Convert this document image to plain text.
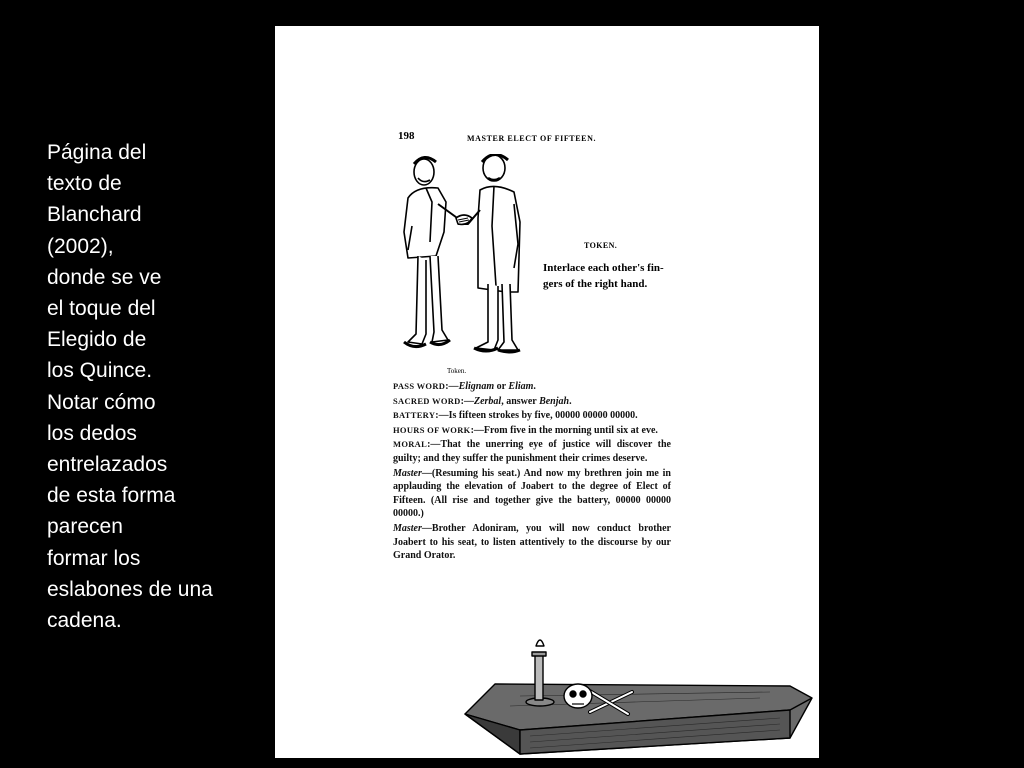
Página del
texto de
Blanchard
(2002),
donde se ve
el toque del
Elegido de
los Quince.
Notar cómo
los dedos
entrelazados
de esta forma
parecen
formar los
eslabones de una
cadena.
198	MASTER ELECT OF FIFTEEN.
Token.
TOKEN.
Interlace each other's fin-
gers of the right hand.

PASS WORD:—Elignam or Eliam.

SACRED WORD:—Zerbal, answer Benjah.

BATTERY:—Is fifteen strokes by five, 00000 00000 00000.

HOURS OF WORK:—From five in the morning until six at eve.

MORAL:—That the unerring eye of justice will discover the guilty; and they suffer the punishment their crimes deserve.

Master—(Resuming his seat.) And now my brethren join me in applauding the elevation of Joabert to the degree of Elect of Fifteen. (All rise and together give the battery, 00000 00000 00000.)

Master—Brother Adoniram, you will now conduct brother Joabert to his seat, to listen attentively to the discourse by our Grand Orator.
